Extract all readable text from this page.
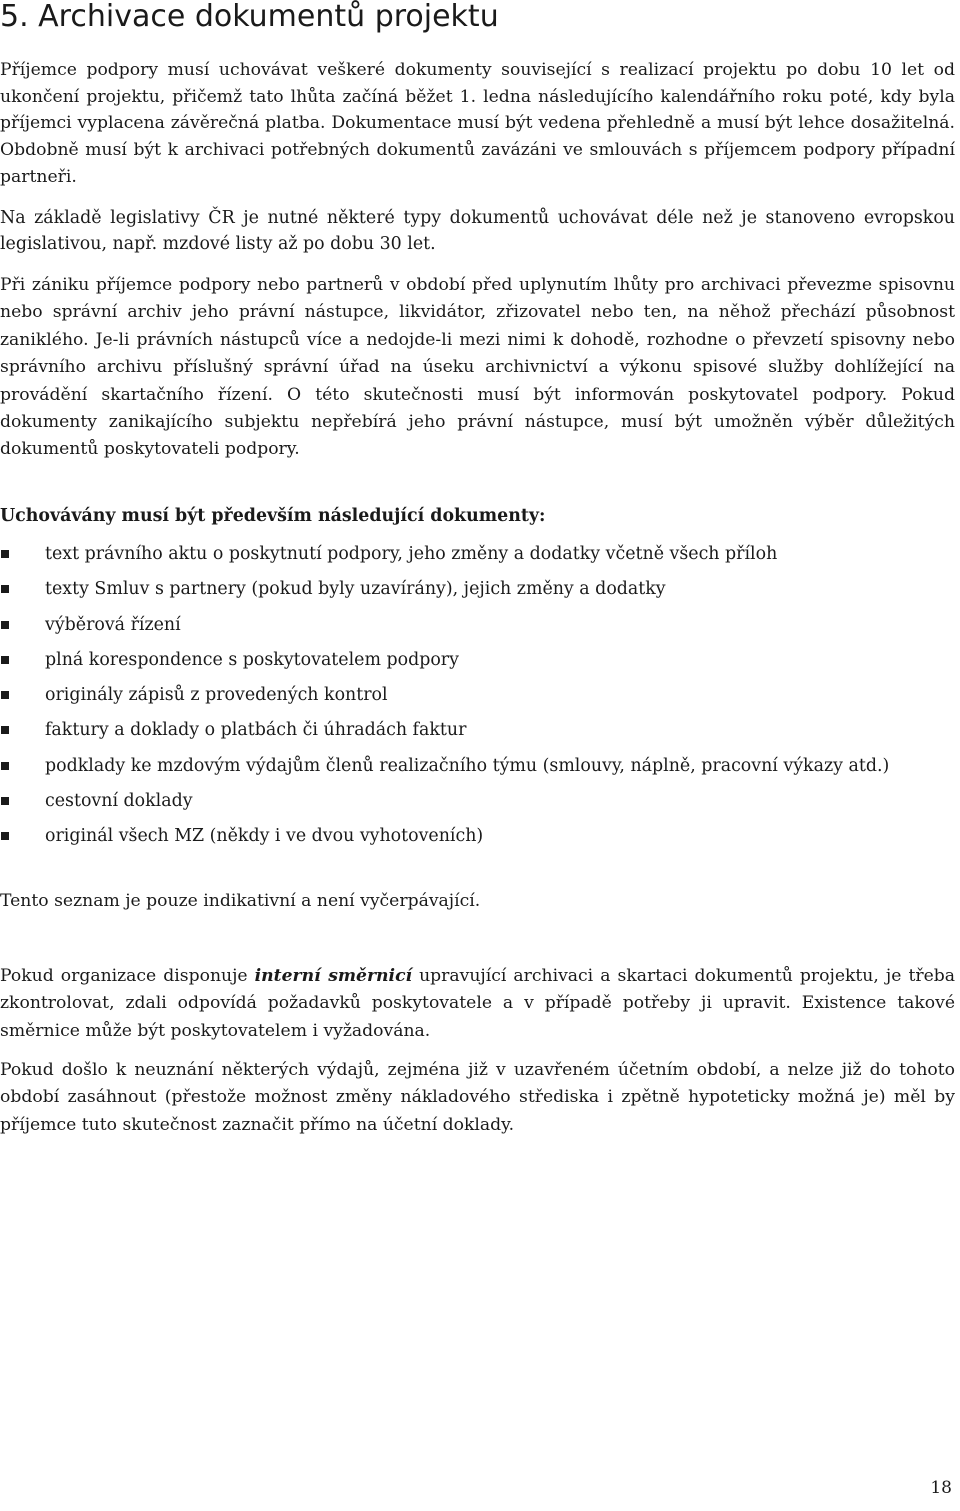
5. Archivace dokumentů projektu

Příjemce podpory musí uchovávat veškeré dokumenty související s realizací projektu po dobu 10 let od ukončení projektu, přičemž tato lhůta začíná běžet 1. ledna následujícího kalendářního roku poté, kdy byla příjemci vyplacena závěrečná platba. Dokumentace musí být vedena přehledně a musí být lehce dosažitelná. Obdobně musí být k archivaci potřebných dokumentů zavázáni ve smlouvách s příjemcem podpory případní partneři.

Na základě legislativy ČR je nutné některé typy dokumentů uchovávat déle než je stanoveno evropskou legislativou, např. mzdové listy až po dobu 30 let.

Při zániku příjemce podpory nebo partnerů v období před uplynutím lhůty pro archivaci převezme spisovnu nebo správní archiv jeho právní nástupce, likvidátor, zřizovatel nebo ten, na něhož přechází působnost zaniklého. Je-li právních nástupců více a nedojde-li mezi nimi k dohodě, rozhodne o převzetí spisovny nebo správního archivu příslušný správní úřad na úseku archivnictví a výkonu spisové služby dohlížející na provádění skartačního řízení. O této skutečnosti musí být informován poskytovatel podpory. Pokud dokumenty zanikajícího subjektu nepřebírá jeho právní nástupce, musí být umožněn výběr důležitých dokumentů poskytovateli podpory.

Uchovávány musí být především následující dokumenty:

text právního aktu o poskytnutí podpory, jeho změny a dodatky včetně všech příloh
texty Smluv s partnery (pokud byly uzavírány), jejich změny a dodatky
výběrová řízení
plná korespondence s poskytovatelem podpory
originály zápisů z provedených kontrol
faktury a doklady o platbách či úhradách faktur
podklady ke mzdovým výdajům členů realizačního týmu (smlouvy, náplně, pracovní výkazy atd.)
cestovní doklady
originál všech MZ (někdy i ve dvou vyhotoveních)

Tento seznam je pouze indikativní a není vyčerpávající.

Pokud organizace disponuje interní směrnicí upravující archivaci a skartaci dokumentů projektu, je třeba zkontrolovat, zdali odpovídá požadavků poskytovatele a v případě potřeby ji upravit. Existence takové směrnice může být poskytovatelem i vyžadována.

Pokud došlo k neuznání některých výdajů, zejména již v uzavřeném účetním období, a nelze již do tohoto období zasáhnout (přestože možnost změny nákladového střediska i zpětně hypoteticky možná je) měl by příjemce tuto skutečnost zaznačit přímo na účetní doklady.

18
